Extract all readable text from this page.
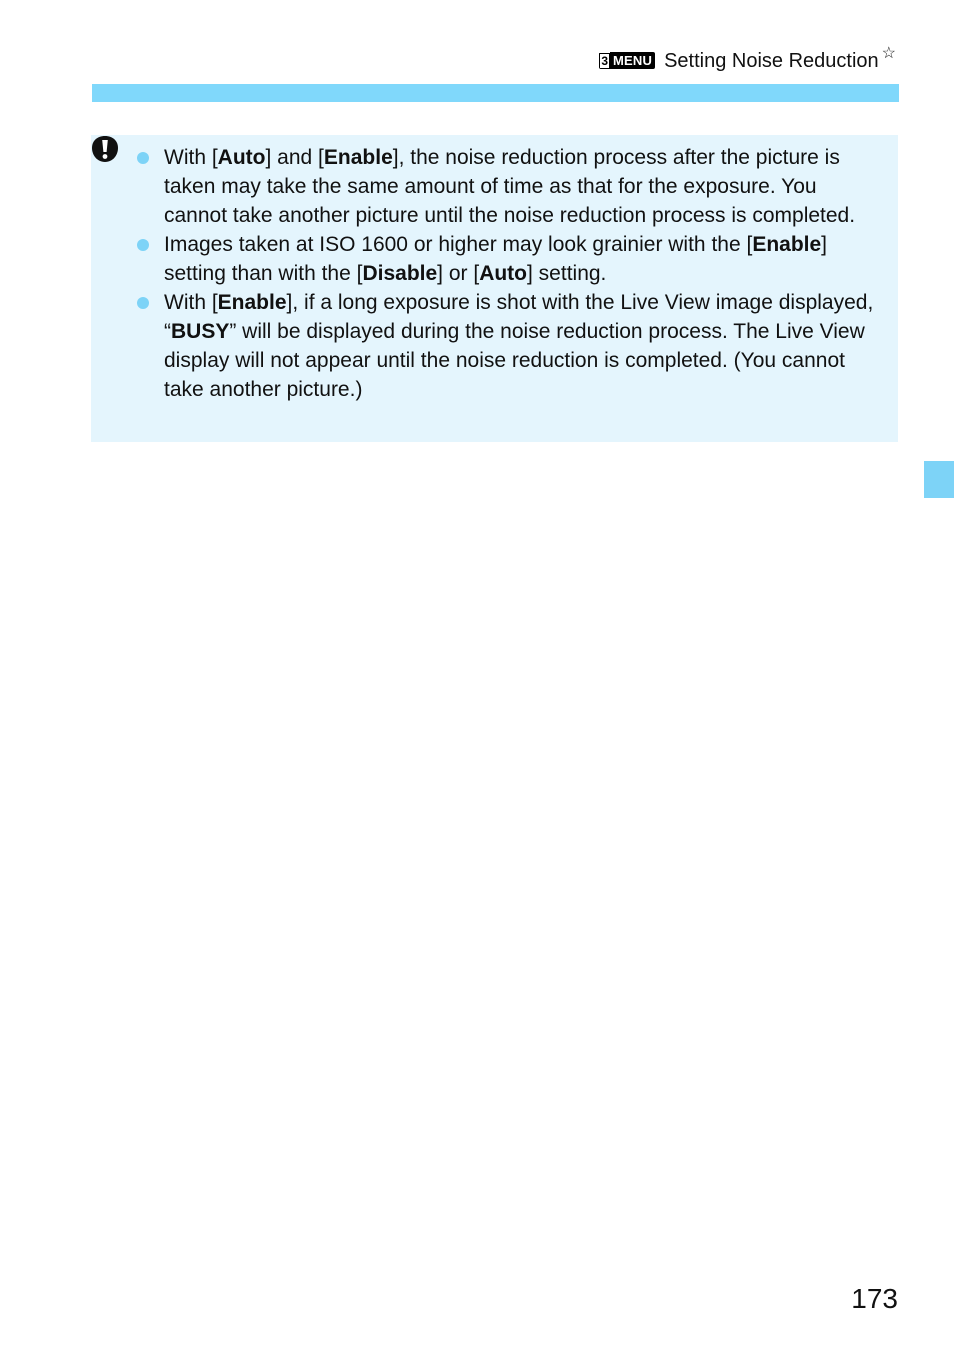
3 MENU Setting Noise Reduction ☆
With [Auto] and [Enable], the noise reduction process after the picture is taken may take the same amount of time as that for the exposure. You cannot take another picture until the noise reduction process is completed.
Images taken at ISO 1600 or higher may look grainier with the [Enable] setting than with the [Disable] or [Auto] setting.
With [Enable], if a long exposure is shot with the Live View image displayed, “BUSY” will be displayed during the noise reduction process. The Live View display will not appear until the noise reduction is completed. (You cannot take another picture.)
173
